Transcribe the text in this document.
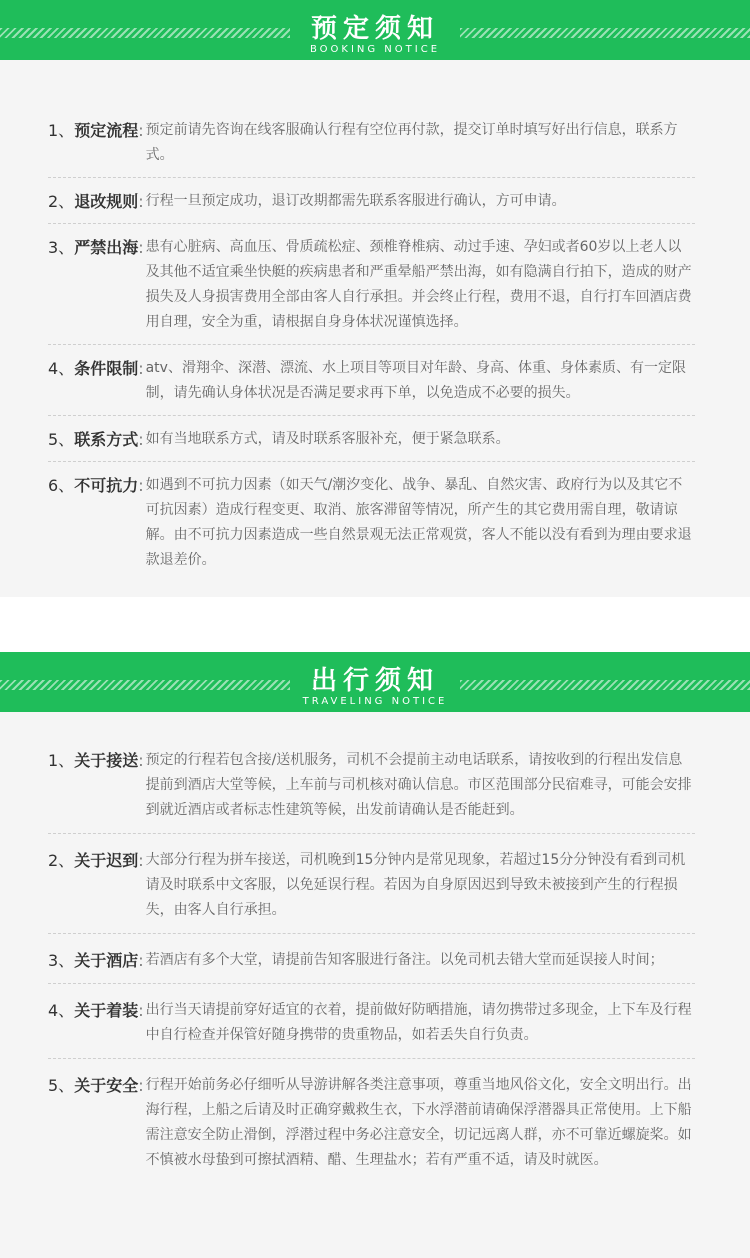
预定须知
BOOKING NOTICE
1、预定流程: 预定前请先咨询在线客服确认行程有空位再付款，提交订单时填写好出行信息，联系方式。
2、退改规则: 行程一旦预定成功，退订改期都需先联系客服进行确认，方可申请。
3、严禁出海: 患有心脏病、高血压、骨质疏松症、颈椎脊椎病、动过手速、孕妇或者60岁以上老人以及其他不适宜乘坐快艇的疾病患者和严重晕船严禁出海，如有隐满自行拍下，造成的财产损失及人身损害费用全部由客人自行承担。并会终止行程，费用不退，自行打车回酒店费用自理，安全为重，请根据自身身体状况谨慎选择。
4、条件限制: atv、滑翔伞、深潜、漂流、水上项目等项目对年龄、身高、体重、身体素质、有一定限制，请先确认身体状况是否满足要求再下单，以免造成不必要的损失。
5、联系方式: 如有当地联系方式，请及时联系客服补充，便于紧急联系。
6、不可抗力: 如遇到不可抗力因素（如天气/潮汐变化、战争、暴乱、自然灾害、政府行为以及其它不可抗因素）造成行程变更、取消、旅客滞留等情况，所产生的其它费用需自理，敬请谅解。由不可抗力因素造成一些自然景观无法正常观赏，客人不能以没有看到为理由要求退款退差价。
出行须知
TRAVELING NOTICE
1、关于接送: 预定的行程若包含接/送机服务，司机不会提前主动电话联系，请按收到的行程出发信息提前到酒店大堂等候，上车前与司机核对确认信息。市区范围部分民宿难寻，可能会安排到就近酒店或者标志性建筑等候，出发前请确认是否能赶到。
2、关于迟到: 大部分行程为拼车接送，司机晚到15分钟内是常见现象，若超过15分分钟没有看到司机请及时联系中文客服，以免延误行程。若因为自身原因迟到导致未被接到产生的行程损失，由客人自行承担。
3、关于酒店: 若酒店有多个大堂，请提前告知客服进行备注。以免司机去错大堂而延误接人时间；
4、关于着装: 出行当天请提前穿好适宜的衣着，提前做好防晒措施，请勿携带过多现金，上下车及行程中自行检查并保管好随身携带的贵重物品，如若丢失自行负责。
5、关于安全: 行程开始前务必仔细听从导游讲解各类注意事项，尊重当地风俗文化，安全文明出行。出海行程，上船之后请及时正确穿戴救生衣，下水浮潜前请确保浮潜器具正常使用。上下船需注意安全防止滑倒，浮潜过程中务必注意安全，切记远离人群，亦不可靠近螺旋桨。如不慎被水母蛰到可擦拭酒精、醋、生理盐水；若有严重不适，请及时就医。
